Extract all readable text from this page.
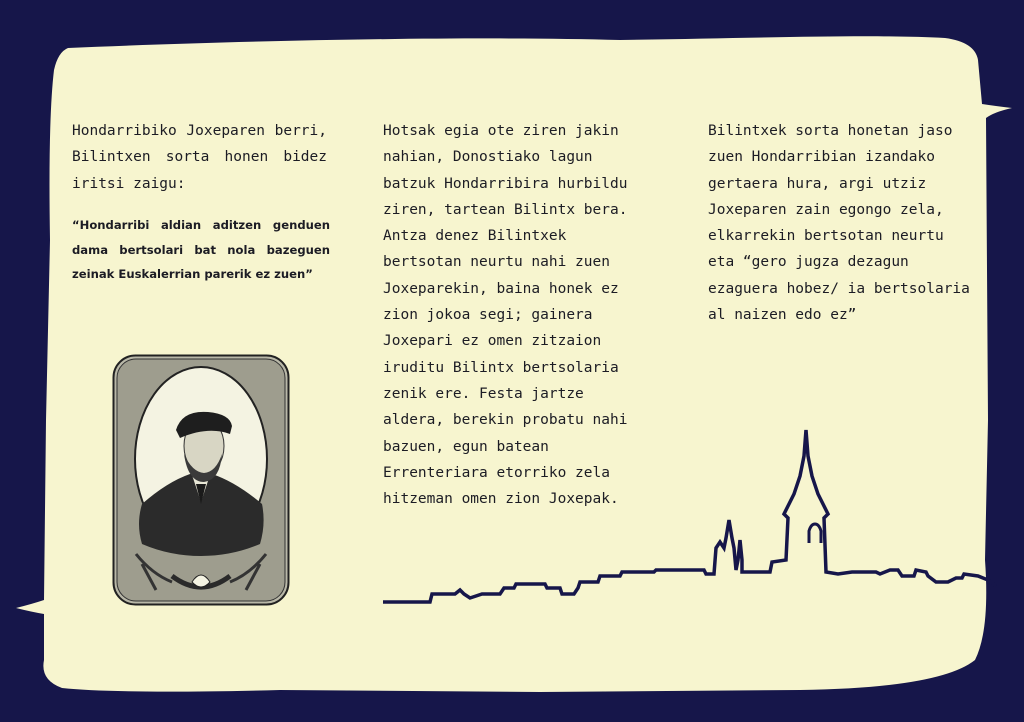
Hondarribiko Joxeparen berri, Bilintxen sorta honen bidez iritsi zaigu:
“Hondarribi aldian aditzen genduen dama bertsolari bat nola bazeguen zeinak Euskalerrian parerik ez zuen”
Hotsak egia ote ziren jakin nahian, Donostiako lagun batzuk Hondarribira hurbildu ziren, tartean Bilintx bera. Antza denez Bilintxek bertsotan neurtu nahi zuen Joxeparekin, baina honek ez zion jokoa segi; gainera Joxepari ez omen zitzaion iruditu Bilintx bertsolaria zenik ere. Festa jartze aldera, berekin probatu nahi bazuen, egun batean Errenteriara etorriko zela hitzeman omen zion Joxepak.
Bilintxek sorta honetan jaso zuen Hondarribian izandako gertaera hura, argi utziz Joxeparen zain egongo zela, elkarrekin bertsotan neurtu eta “gero jugza dezagun ezaguera hobez/ ia bertsolaria al naizen edo ez”
